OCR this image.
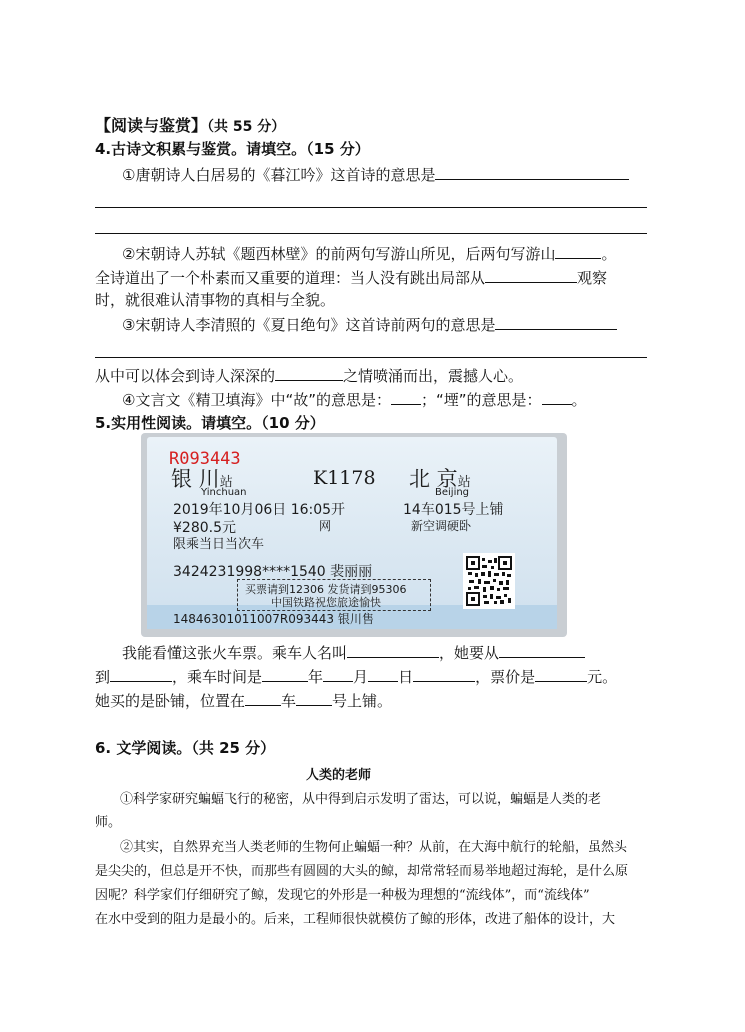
【阅读与鉴赏】（共 55 分）
4.古诗文积累与鉴赏。请填空。（15 分）
①唐朝诗人白居易的《暮江吟》这首诗的意思是
②宋朝诗人苏轼《题西林壁》的前两句写游山所见，后两句写游山	。
全诗道出了一个朴素而又重要的道理：当人没有跳出局部从	观察
时，就很难认清事物的真相与全貌。
③宋朝诗人李清照的《夏日绝句》这首诗前两句的意思是
从中可以体会到诗人深深的	之情喷涌而出，震撼人心。
④文言文《精卫填海》中“故”的意思是： ；“堙”的意思是： 。
5.实用性阅读。请填空。（10 分）
R093443
银 川站
Yinchuan
K1178 北 京站
Beijing
2019年10月06日 16:05开	14车015号上铺
¥280.5元	网	新空调硬卧
限乘当日当次车
3424231998****1540 裴丽丽
买票请到12306 发货请到95306
中国铁路祝您旅途愉快
14846301011007R093443 银川售
我能看懂这张火车票。乘车人名叫	，她要从
到	，乘车时间是	年 月 日	，票价是	元。
她买的是卧铺，位置在 车 号上铺。
6. 文学阅读。（共 25 分）
人类的老师
①科学家研究蝙蝠飞行的秘密，从中得到启示发明了雷达，可以说，蝙蝠是人类的老
师。
②其实，自然界充当人类老师的生物何止蝙蝠一种？从前，在大海中航行的轮船，虽然头
是尖尖的，但总是开不快，而那些有圆圆的大头的鲸，却常常轻而易举地超过海轮，是什么原
因呢？科学家们仔细研究了鲸，发现它的外形是一种极为理想的“流线体”，而“流线体”
在水中受到的阻力是最小的。后来，工程师很快就模仿了鲸的形体，改进了船体的设计，大
